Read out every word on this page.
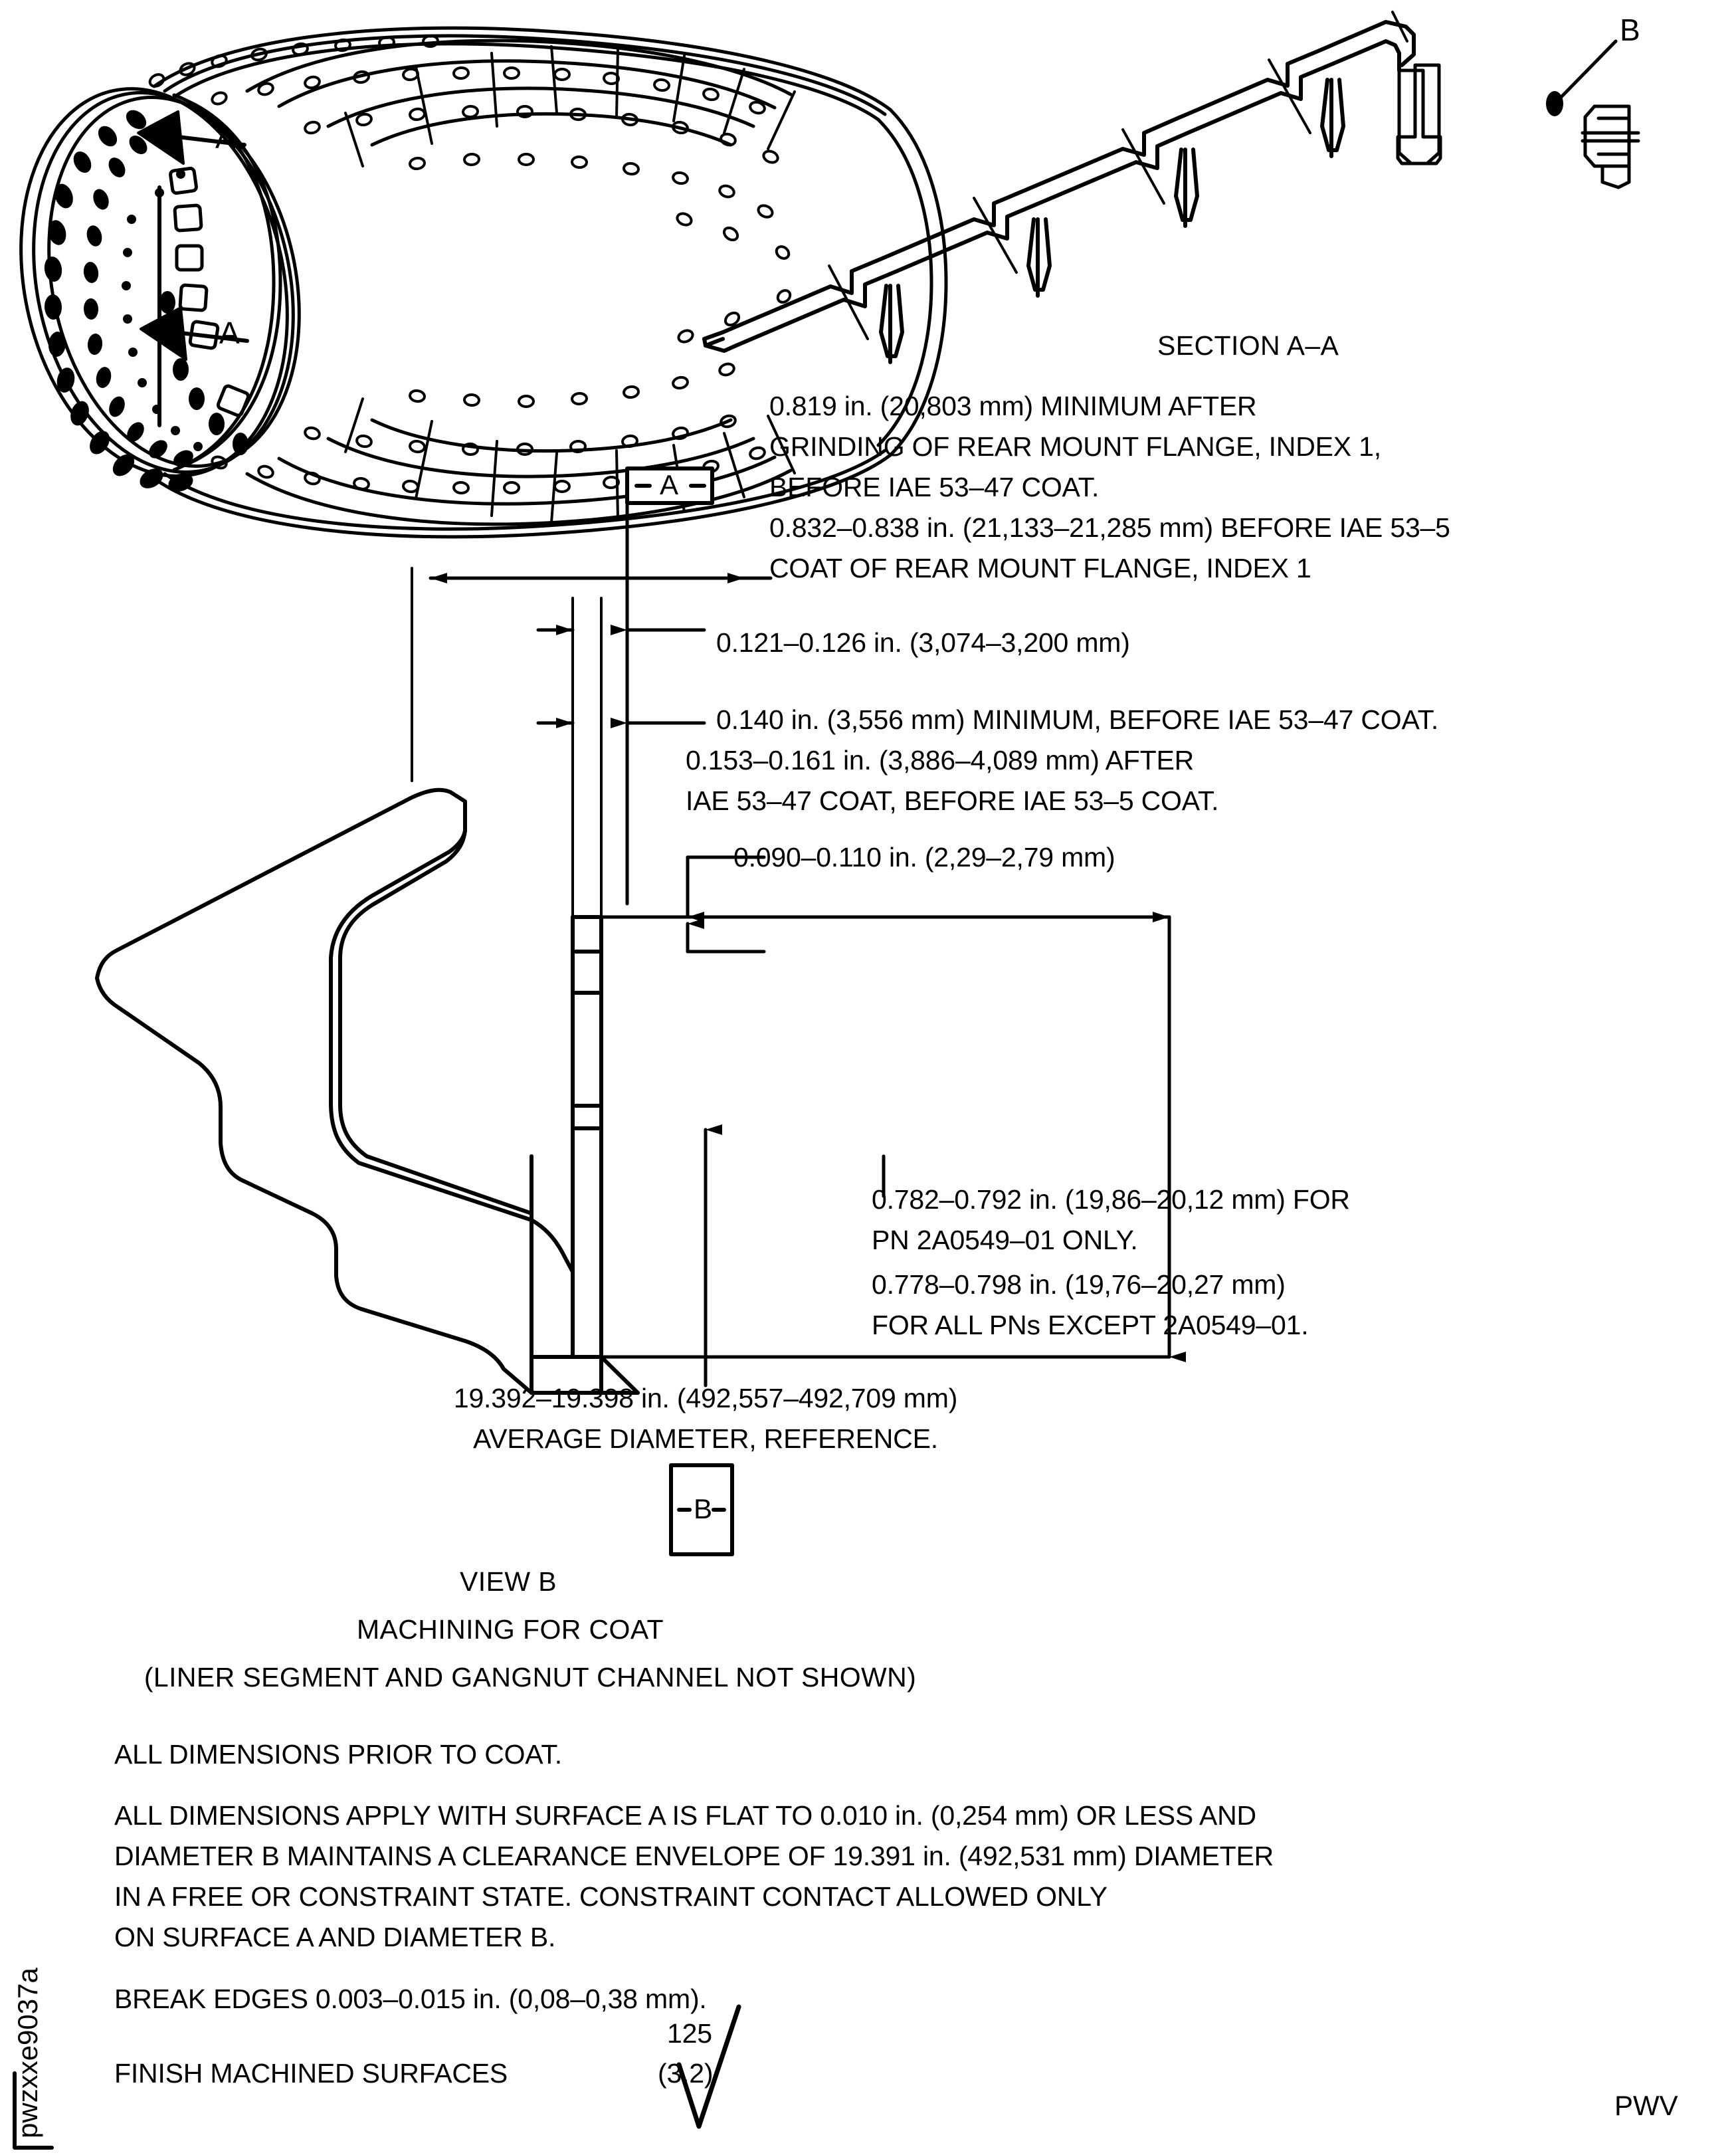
SECTION A–A
B
A
A
A
B
0.819 in. (20,803 mm) MINIMUM AFTER
GRINDING OF REAR MOUNT FLANGE, INDEX 1,
BEFORE IAE 53–47 COAT.
0.832–0.838 in. (21,133–21,285 mm) BEFORE IAE 53–5
COAT OF REAR MOUNT FLANGE, INDEX 1
0.121–0.126 in. (3,074–3,200 mm)
0.140 in. (3,556 mm) MINIMUM, BEFORE IAE 53–47 COAT.
0.153–0.161 in. (3,886–4,089 mm) AFTER
IAE 53–47 COAT, BEFORE IAE 53–5 COAT.
0.090–0.110 in. (2,29–2,79 mm)
0.782–0.792 in. (19,86–20,12 mm) FOR
PN 2A0549–01 ONLY.
0.778–0.798 in. (19,76–20,27 mm)
FOR ALL PNs EXCEPT 2A0549–01.
19.392–19.398 in. (492,557–492,709 mm)
AVERAGE DIAMETER, REFERENCE.
VIEW B
MACHINING FOR COAT
(LINER SEGMENT AND GANGNUT CHANNEL NOT SHOWN)
ALL DIMENSIONS PRIOR TO COAT.
ALL DIMENSIONS APPLY WITH SURFACE A IS FLAT TO 0.010 in. (0,254 mm) OR LESS AND
DIAMETER B MAINTAINS A CLEARANCE ENVELOPE OF 19.391 in. (492,531 mm) DIAMETER
IN A FREE OR CONSTRAINT STATE. CONSTRAINT CONTACT ALLOWED ONLY
ON SURFACE A AND DIAMETER B.
BREAK EDGES 0.003–0.015 in. (0,08–0,38 mm).
FINISH MACHINED SURFACES
125
(3,2)
pwzxxe9037a	PWV
